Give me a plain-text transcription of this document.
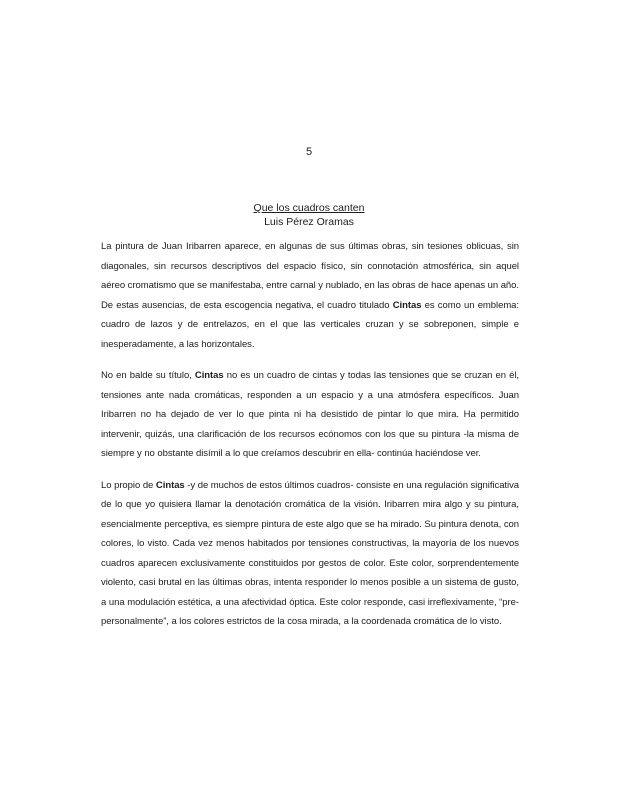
5
Que los cuadros canten
Luis Pérez Oramas

La pintura de Juan Iribarren aparece, en algunas de sus últimas obras, sin tesiones oblicuas, sin diagonales, sin recursos descriptivos del espacio físico, sin connotación atmosférica, sin aquel aéreo cromatismo que se manifestaba, entre carnal y nublado, en las obras de hace apenas un año. De estas ausencias, de esta escogencia negativa, el cuadro titulado Cintas es como un emblema: cuadro de lazos y de entrelazos, en el que las verticales cruzan y se sobreponen, simple e inesperadamente, a las horizontales.

No en balde su título, Cintas no es un cuadro de cintas y todas las tensiones que se cruzan en él, tensiones ante nada cromáticas, responden a un espacio y a una atmósfera específicos. Juan Iribarren no ha dejado de ver lo que pinta ni ha desistido de pintar lo que mira. Ha permitido intervenir, quizás, una clarificación de los recursos ecónomos con los que su pintura -la misma de siempre y no obstante disímil a lo que creíamos descubrir en ella- continúa haciéndose ver.

Lo propio de Cintas -y de muchos de estos últimos cuadros- consiste en una regulación significativa de lo que yo quisiera llamar la denotación cromática de la visión. Iribarren mira algo y su pintura, esencialmente perceptiva, es siempre pintura de este algo que se ha mirado. Su pintura denota, con colores, lo visto. Cada vez menos habitados por tensiones constructivas, la mayoría de los nuevos cuadros aparecen exclusivamente constituidos por gestos de color. Este color, sorprendentemente violento, casi brutal en las últimas obras, intenta responder lo menos posible a un sistema de gusto, a una modulación estética, a una afectividad óptica. Este color responde, casi irreflexivamente, “pre-personalmente”, a los colores estrictos de la cosa mirada, a la coordenada cromática de lo visto.
